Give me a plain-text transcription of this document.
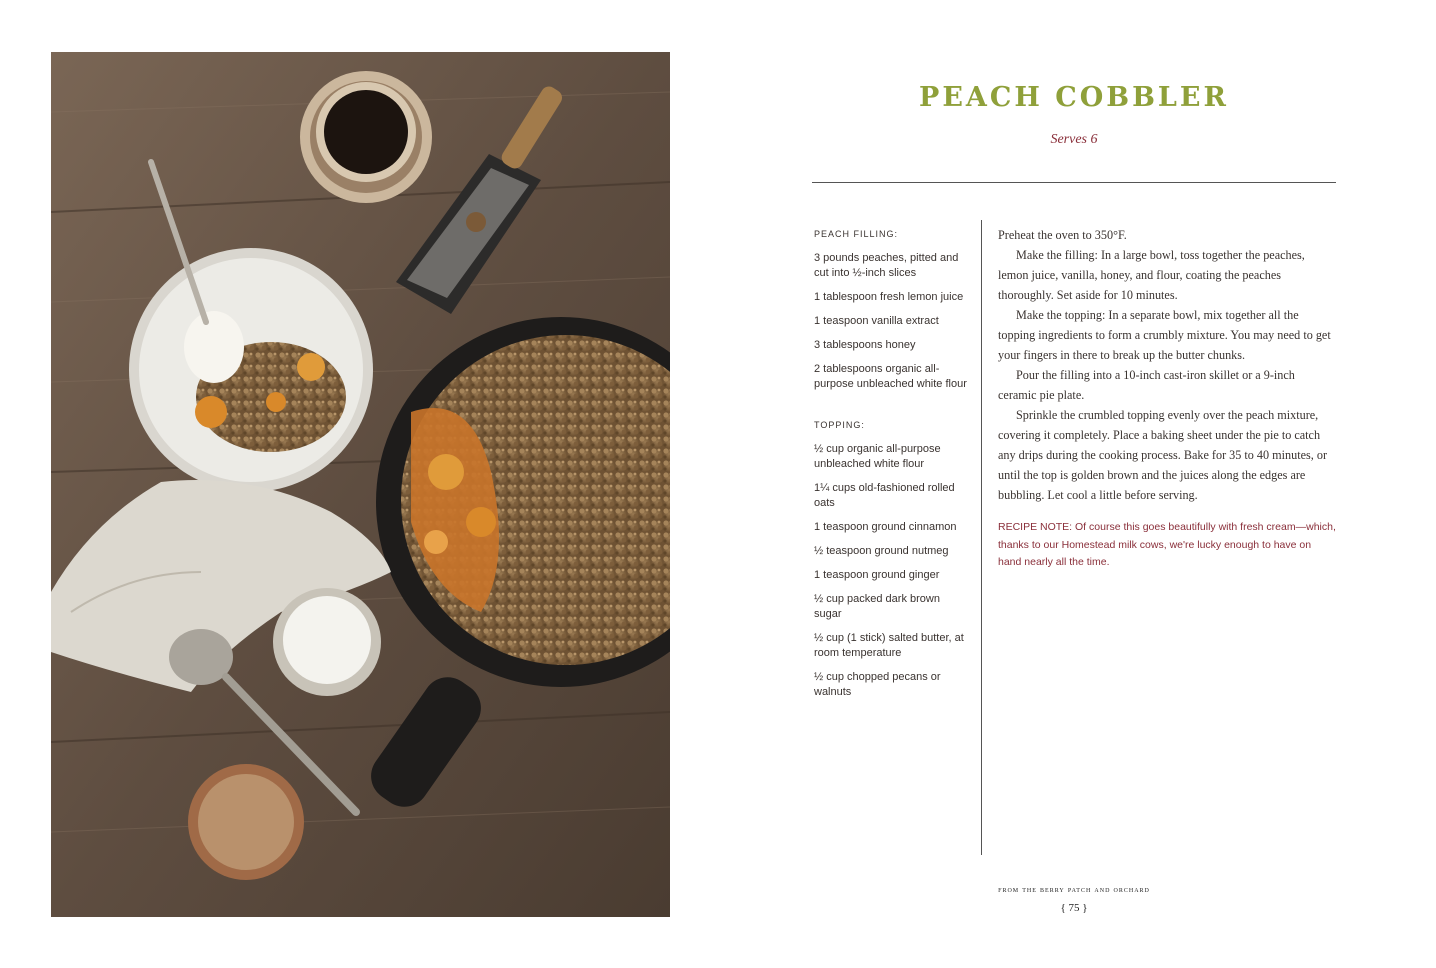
PEACH COBBLER
Serves 6
PEACH FILLING:
3 pounds peaches, pitted and cut into ½-inch slices
1 tablespoon fresh lemon juice
1 teaspoon vanilla extract
3 tablespoons honey
2 tablespoons organic all-purpose unbleached white flour
TOPPING:
½ cup organic all-purpose unbleached white flour
1¼ cups old-fashioned rolled oats
1 teaspoon ground cinnamon
½ teaspoon ground nutmeg
1 teaspoon ground ginger
½ cup packed dark brown sugar
½ cup (1 stick) salted butter, at room temperature
½ cup chopped pecans or walnuts

Preheat the oven to 350°F.

Make the filling: In a large bowl, toss together the peaches, lemon juice, vanilla, honey, and flour, coating the peaches thoroughly. Set aside for 10 minutes.

Make the topping: In a separate bowl, mix together all the topping ingredients to form a crumbly mixture. You may need to get your fingers in there to break up the butter chunks.

Pour the filling into a 10-inch cast-iron skillet or a 9-inch ceramic pie plate.

Sprinkle the crumbled topping evenly over the peach mixture, covering it completely. Place a baking sheet under the pie to catch any drips during the cooking process. Bake for 35 to 40 minutes, or until the top is golden brown and the juices along the edges are bubbling. Let cool a little before serving.

RECIPE NOTE: Of course this goes beautifully with fresh cream—which, thanks to our Homestead milk cows, we're lucky enough to have on hand nearly all the time.
from the berry patch and orchard
{ 75 }
